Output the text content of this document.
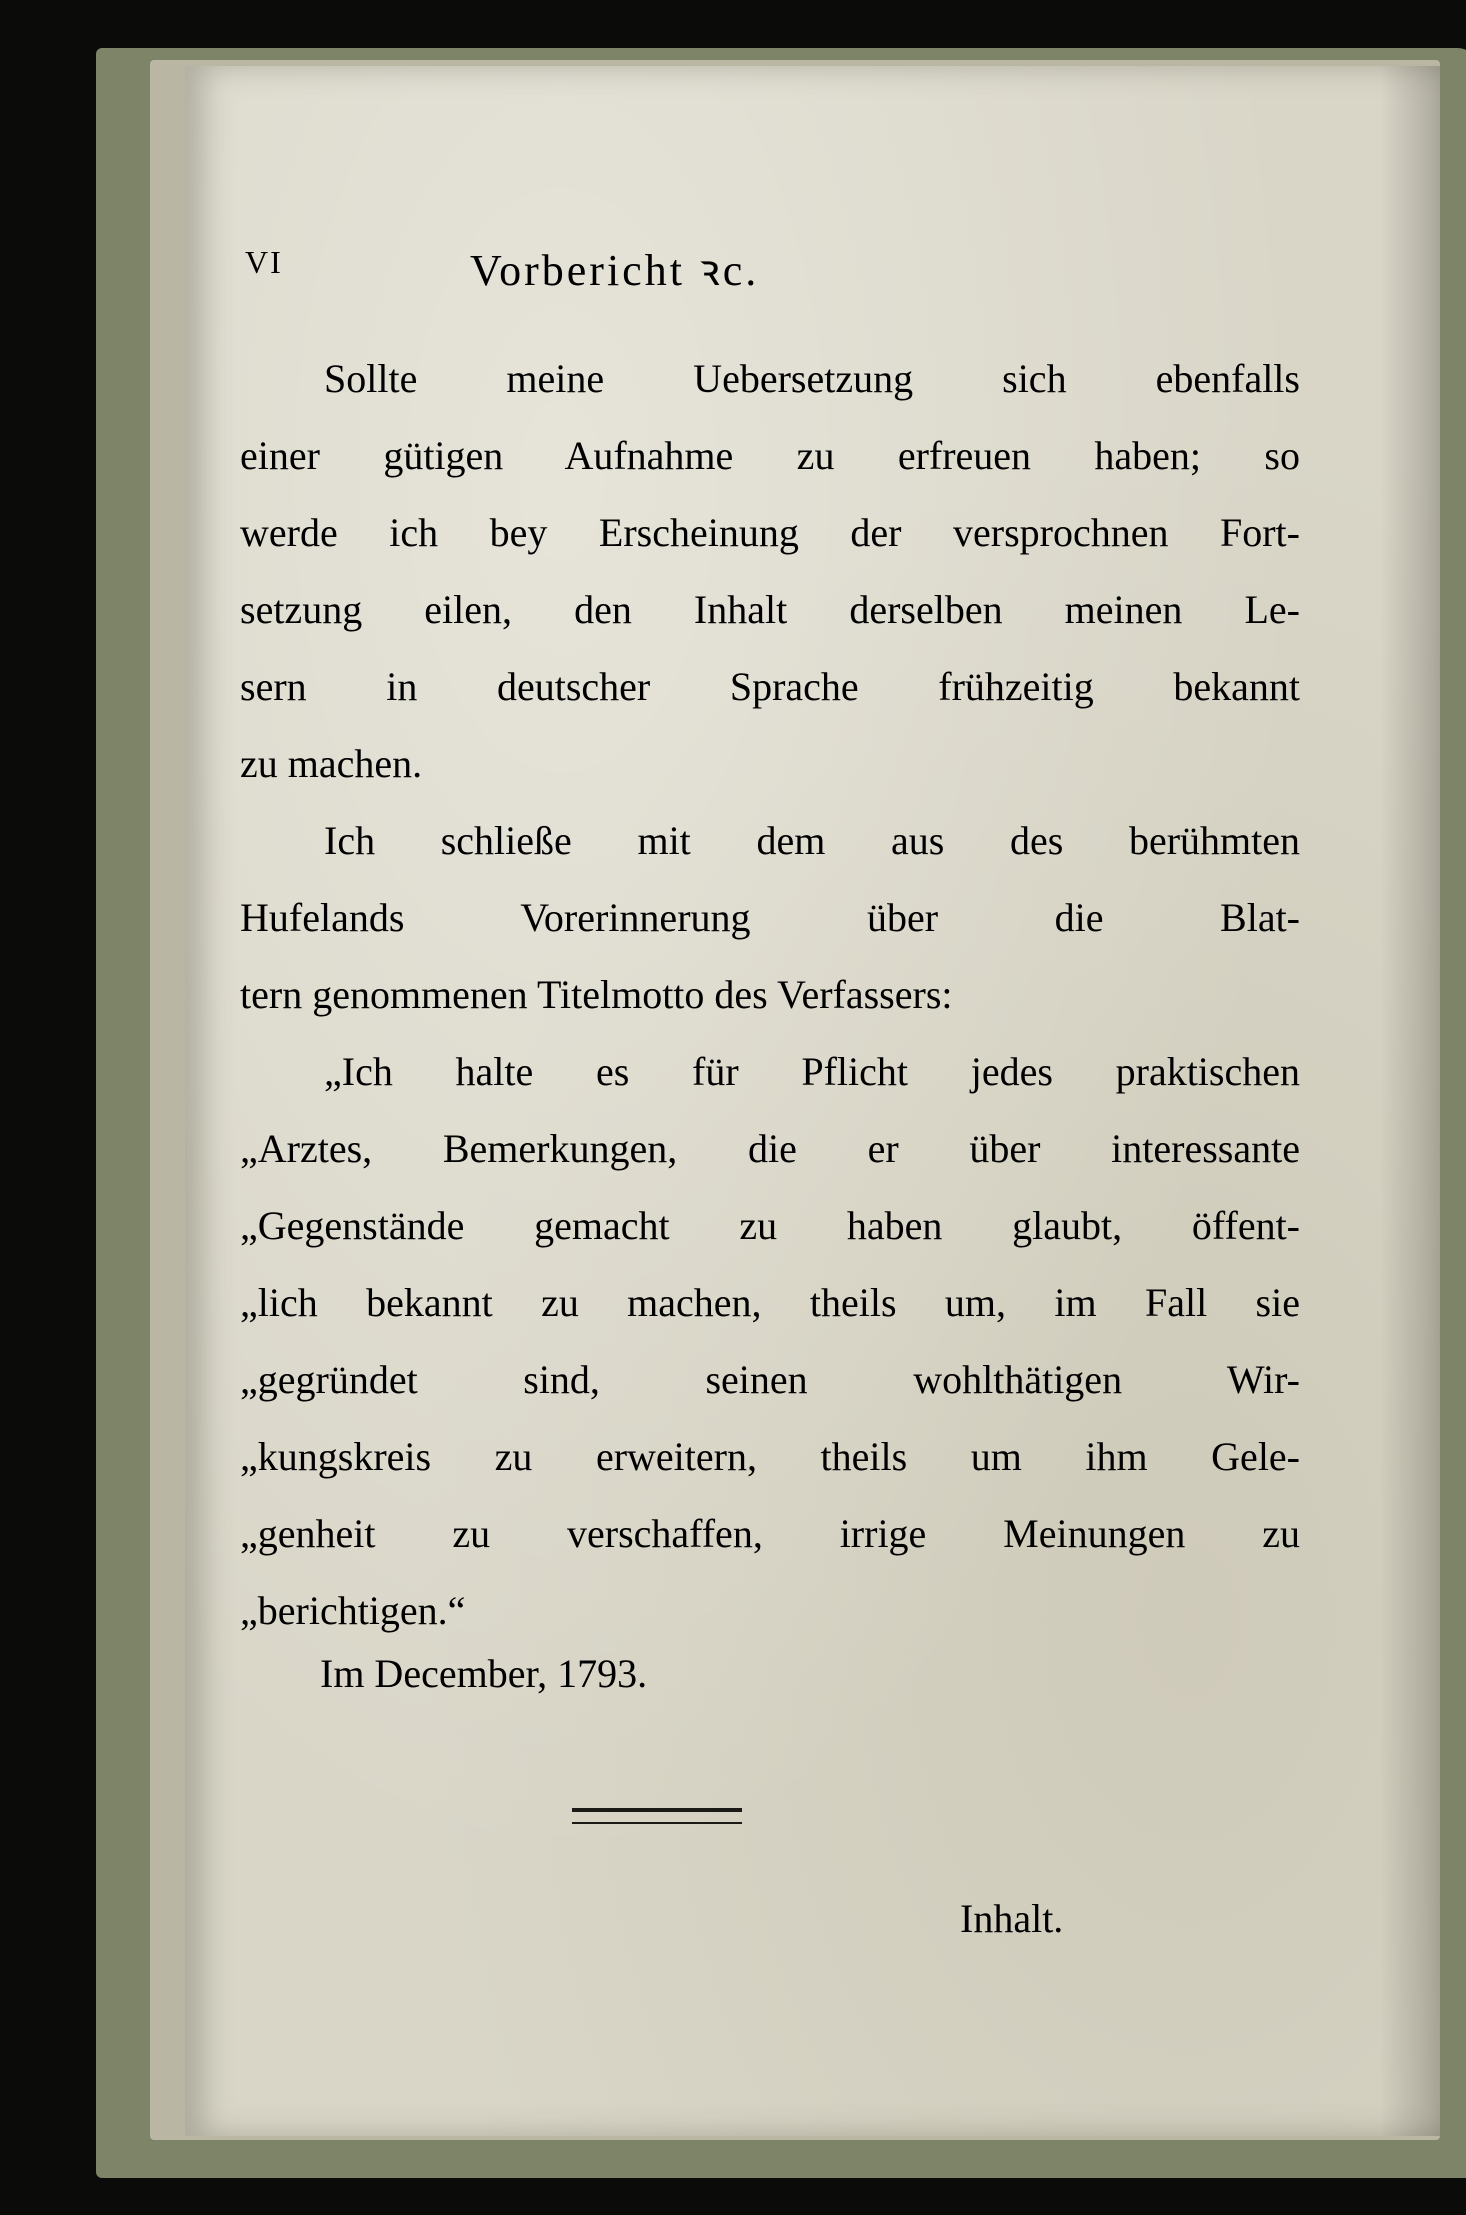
VI	Vorbericht ꝛc.

Sollte meine Uebersetzung sich ebenfalls
einer gütigen Aufnahme zu erfreuen haben; so
werde ich bey Erscheinung der versprochnen Fort-
setzung eilen, den Inhalt derselben meinen Le-
sern in deutscher Sprache frühzeitig bekannt
zu machen.

Ich schließe mit dem aus des berühmten
Hufelands Vorerinnerung über die Blat-
tern genommenen Titelmotto des Verfassers:

„Ich halte es für Pflicht jedes praktischen
„Arztes, Bemerkungen, die er über interessante
„Gegenstände gemacht zu haben glaubt, öffent-
„lich bekannt zu machen, theils um, im Fall sie
„gegründet sind, seinen wohlthätigen Wir-
„kungskreis zu erweitern, theils um ihm Gele-
„genheit zu verschaffen, irrige Meinungen zu
„berichtigen.“

Im December, 1793.
Inhalt.
